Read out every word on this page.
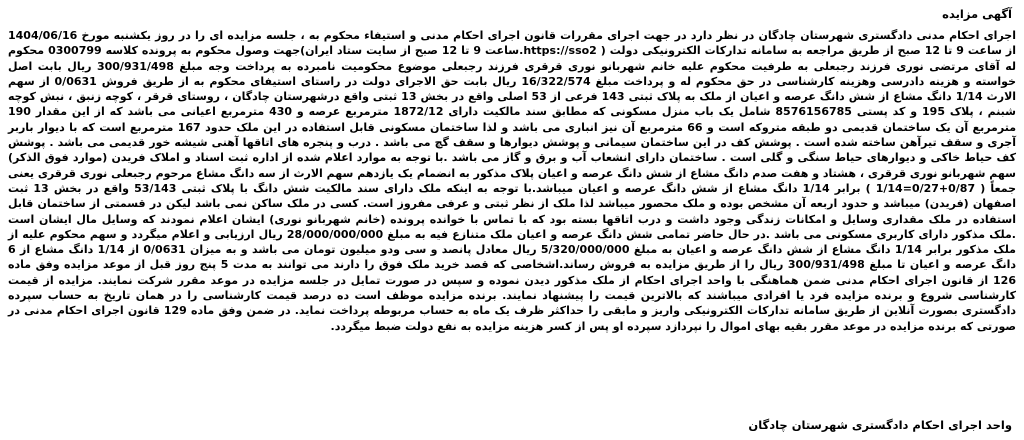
آگهی مزایده
اجرای احکام مدنی دادگستری شهرستان چادگان در نظر دارد در جهت اجرای مقررات قانون اجرای احکام مدنی و استیفاء محکوم به ، جلسه مزایده ای را در روز یکشنبه مورخ 1404/06/16 از ساعت 9 تا 12 صبح از طریق مراجعه به سامانه تدارکات الکترونیکی دولت ( https://sso2.ساعت 9 تا 12 صبح از سایت ستاد ایران)جهت وصول محکوم به پرونده کلاسه 0300799 محکوم له آقای مرتضی نوری فرزند رجبعلی به طرفیت محکوم علیه خانم شهربانو نوری قرقری فرزند رجبعلی موضوع محکومیت نامبرده به پرداخت وجه مبلغ 300/931/498 ریال بابت اصل خواسته و هزینه دادرسی وهزینه کارشناسی در حق محکوم له و پرداخت مبلغ 16/322/574 ریال بابت حق الاجرای دولت در راستای استیفای محکوم به از طریق فروش 0/0631 از سهم الارث 1/14 دانگ مشاع از شش دانگ عرصه و اعیان از ملک به پلاک ثبتی 143 فرعی از 53 اصلی واقع در بخش 13 ثبتی واقع درشهرستان چادگان ، روستای قرقر ، کوچه زنبق ، نبش کوچه شبنم ، پلاک 195 و کد پستی 8576156785 شامل یک باب منزل مسکونی که مطابق سند مالکیت دارای 1872/12 مترمربع عرصه و 430 مترمربع اعیانی می باشد که از این مقدار 190 مترمربع آن یک ساختمان قدیمی دو طبقه متروکه است و 66 مترمربع آن نیز انباری می باشد و لذا ساختمان مسکونی قابل استفاده در این ملک حدود 167 مترمربع است که با دیوار باربر آجری و سقف تیرآهن ساخته شده است . پوشش کف در این ساختمان سیمانی و پوشش دیوارها و سقف گچ می باشد . درب و پنجره های اتاقها آهنی شیشه خور قدیمی می باشد . پوشش کف حیاط خاکی و دیوارهای حیاط سنگی و گلی است . ساختمان دارای انشعاب آب و برق و گاز می باشد .با توجه به موارد اعلام شده از اداره ثبت اسناد و املاک فریدن (موارد فوق الذکر) سهم شهربانو نوری قرقری ، هشتاد و هفت صدم دانگ مشاع از شش دانگ عرصه و اعیان پلاک مذکور به انضمام یک یازدهم سهم الارث از سه دانگ مشاع مرحوم رجبعلی نوری قرقری یعنی جمعاً ( 0/87+0/27=1/14 ) برابر 1/14 دانگ مشاع از شش دانگ عرصه و اعیان میباشد.با توجه به اینکه ملک دارای سند مالکیت شش دانگ با پلاک ثبتی 53/143 واقع در بخش 13 ثبت اصفهان (فریدن) میباشد و حدود اربعه آن مشخص بوده و ملک محصور میباشد لذا ملک از نظر ثبتی و عرفی مفروز است. کسی در ملک ساکن نمی باشد لیکن در قسمتی از ساختمان قابل استفاده در ملک مقداری وسایل و امکانات زندگی وجود داشت و درب اتاقها بسته بود که با تماس با خوانده پرونده (خانم شهربانو نوری) ایشان اعلام نمودند که وسایل مال ایشان است .ملک مذکور دارای کاربری مسکونی می باشد .در حال حاضر تمامی شش دانگ عرصه و اعیان ملک متنازع فیه به مبلغ 28/000/000/000 ریال ارزیابی و اعلام میگردد و سهم محکوم علیه از ملک مذکور برابر 1/14 دانگ مشاع از شش دانگ عرصه و اعیان به مبلغ 5/320/000/000 ریال معادل پانصد و سی ودو میلیون تومان می باشد و به میزان 0/0631 از 1/14 دانگ مشاع از 6 دانگ عرصه و اعیان تا مبلغ 300/931/498 ریال را از طریق مزایده به فروش رساند.اشخاصی که قصد خرید ملک فوق را دارند می توانند به مدت 5 پنج روز قبل از موعد مزایده وفق ماده 126 از قانون اجرای احکام مدنی ضمن هماهنگی با واحد اجرای احکام از ملک مذکور دیدن نموده و سپس در صورت تمایل در جلسه مزایده در موعد مقرر شرکت نمایند. مزایده از قیمت کارشناسی شروع و برنده مزایده فرد یا افرادی میباشند که بالاترین قیمت را پیشنهاد نمایند. برنده مزایده موظف است ده درصد قیمت کارشناسی را در همان تاریخ به حساب سپرده دادگستری بصورت آنلاین از طریق سامانه تدارکات الکترونیکی واریز و مابقی را حداکثر ظرف یک ماه به حساب مربوطه پرداخت نماید. در ضمن وفق ماده 129 قانون اجرای احکام مدنی در صورتی که برنده مزایده در موعد مقرر بقیه بهای اموال را نپردازد سپرده او پس از کسر هزینه مزایده به نفع دولت ضبط میگردد.
واحد اجرای احکام دادگستری شهرستان چادگان
